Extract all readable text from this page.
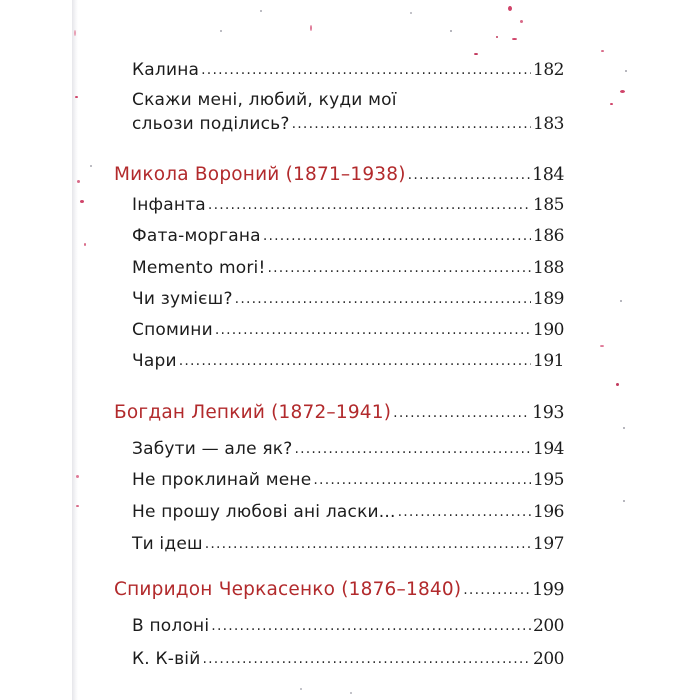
Калина .....	182
Скажи мені, любий, куди мої
сльози поділись? .....	183
Микола Вороний (1871–1938) .....	184
Інфанта .....	185
Фата-моргана .....	186
Memento mori! .....	188
Чи зумієш? .....	189
Спомини .....	190
Чари .....	191
Богдан Лепкий (1872–1941) .....	193
Забути — але як? .....	194
Не проклинай мене .....	195
Не прошу любові ані ласки... .....	196
Ти ідеш .....	197
Спиридон Черкасенко (1876–1840) .....	199
В полоні .....	200
К. К-вій .....	200
